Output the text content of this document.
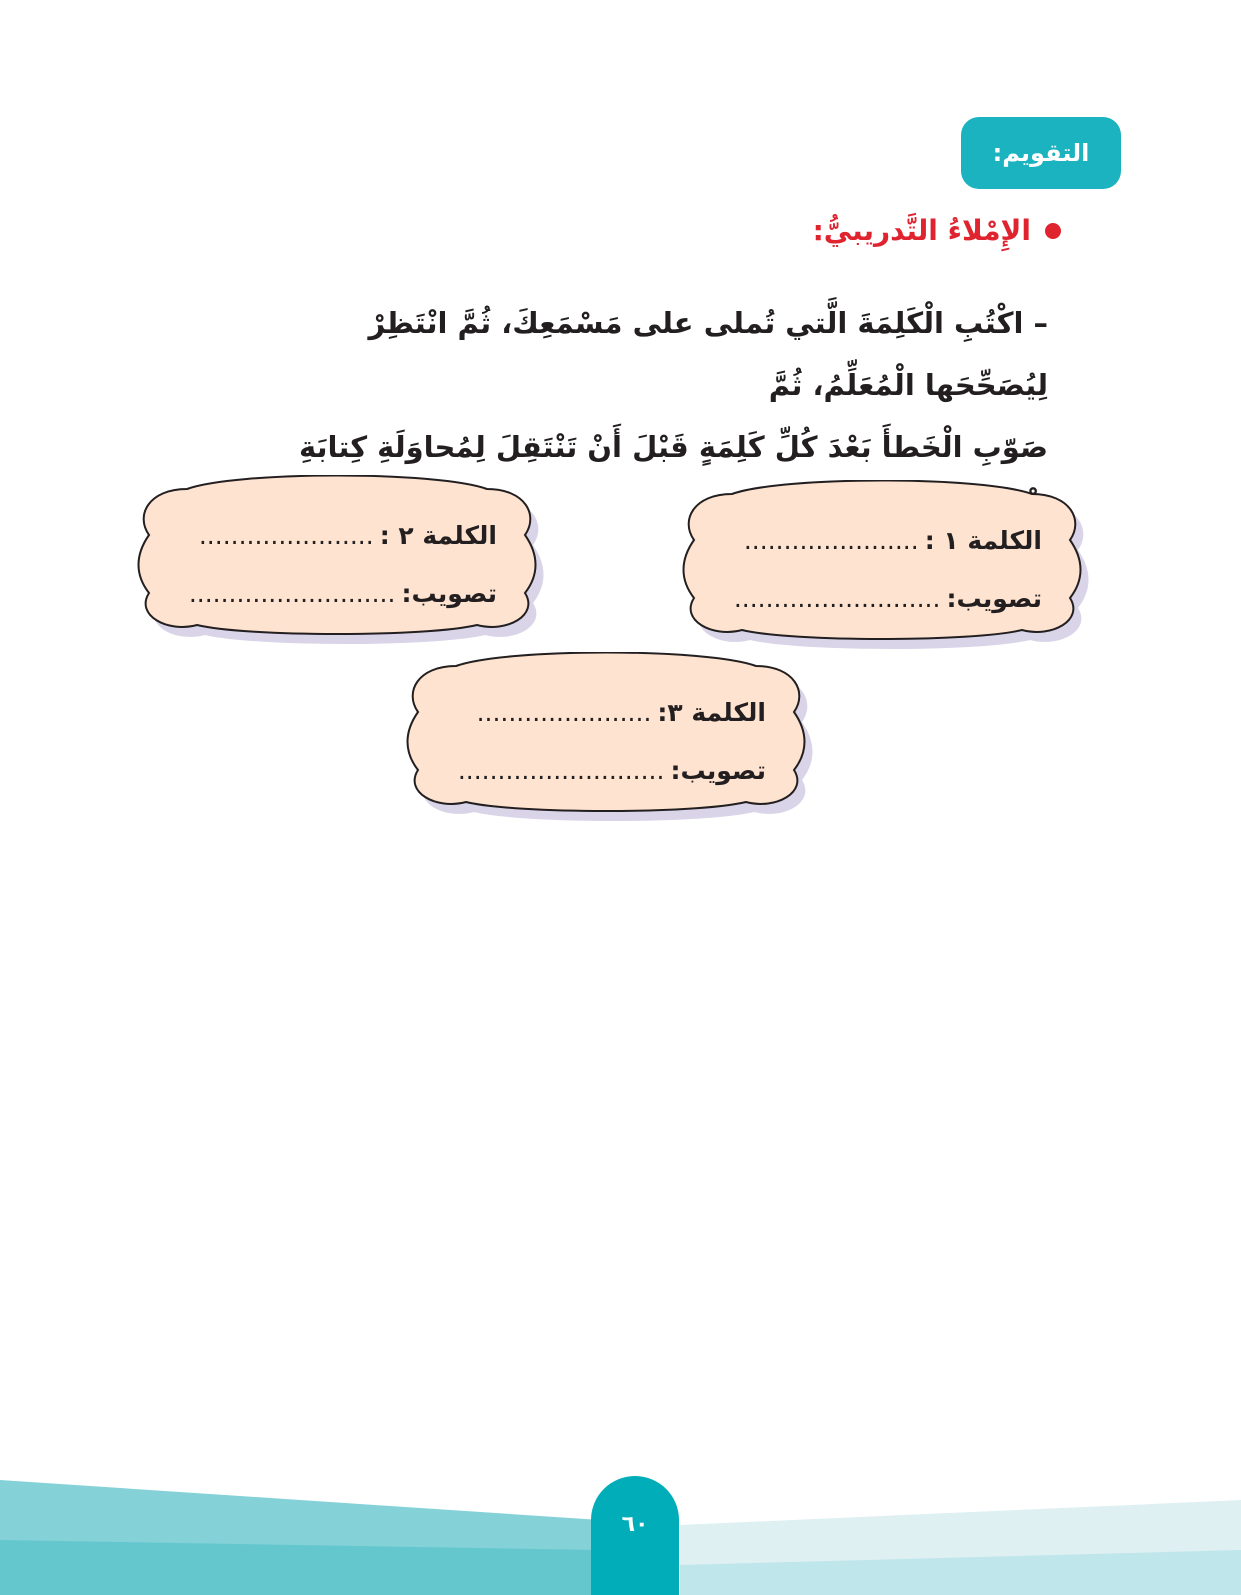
التقويم:
الإِمْلاءُ التَّدريبيُّ:
– اكْتُبِ الْكَلِمَةَ الَّتي تُملى على مَسْمَعِكَ، ثُمَّ انْتَظِرْ لِيُصَحِّحَها الْمُعَلِّمُ، ثُمَّ
صَوّبِ الْخَطأَ بَعْدَ كُلِّ كَلِمَةٍ قَبْلَ أَنْ تَنْتَقِلَ لِمُحاوَلَةِ كِتابَةِ
الكلمة ١ :......................
تصويب:..........................
الكلمة ٢ :......................
تصويب:..........................
الكلمة ٣:......................
تصويب:..........................
٦٠
